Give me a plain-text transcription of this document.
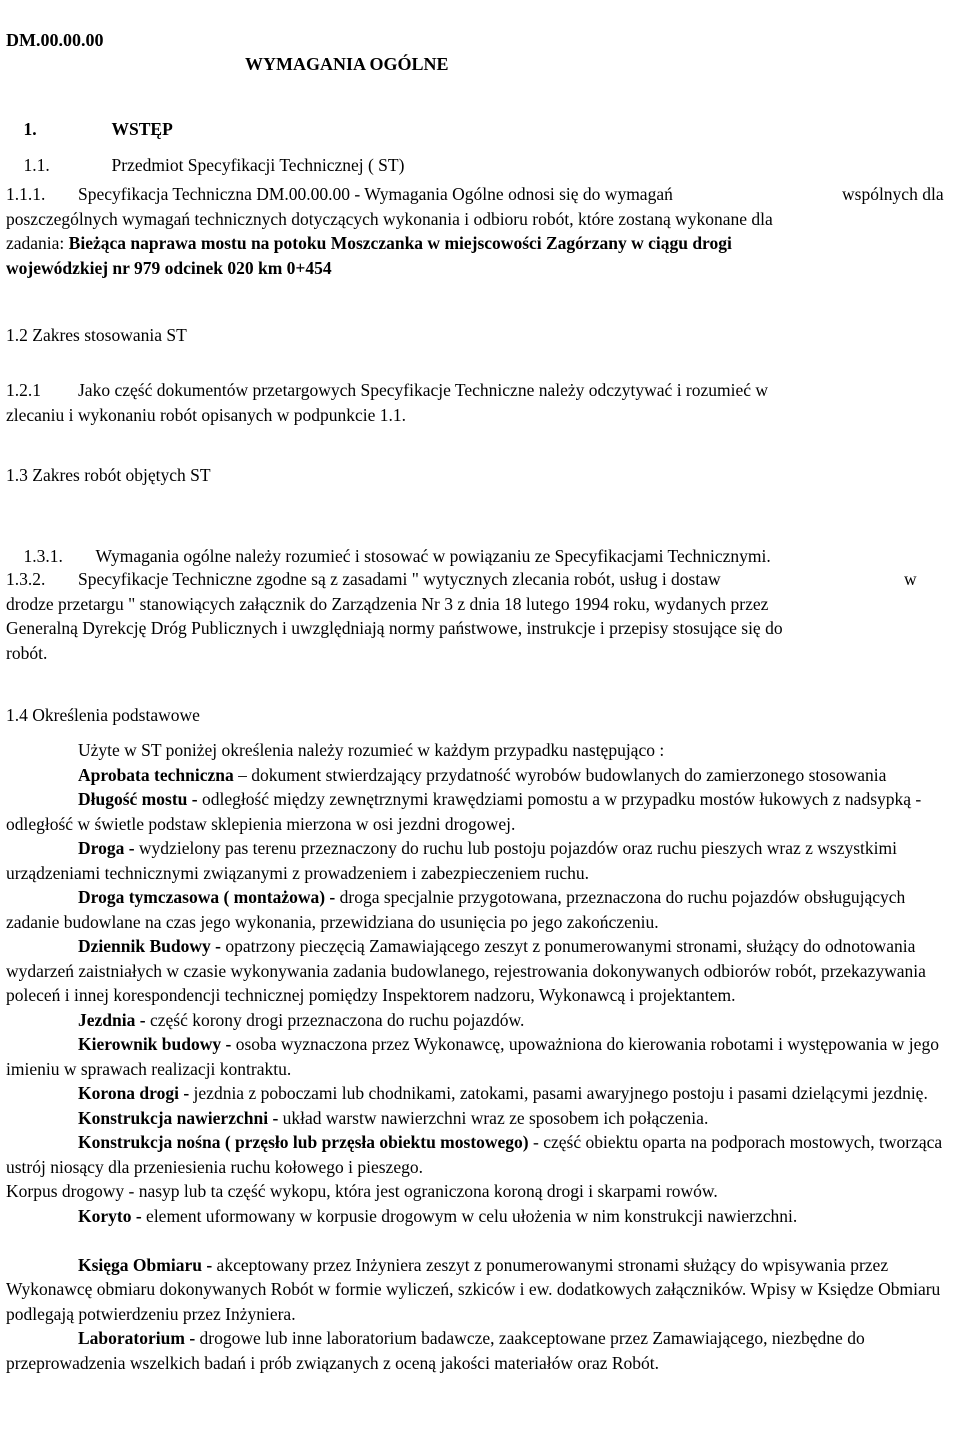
DM.00.00.00

WYMAGANIA OGÓLNE

1.	WSTĘP

1.1.	Przedmiot Specyfikacji Technicznej ( ST)

1.1.1. Specyfikacja Techniczna DM.00.00.00 - Wymagania Ogólne odnosi się do wymagań	wspólnych dla

poszczególnych wymagań technicznych dotyczących wykonania i odbioru robót, które zostaną wykonane dla

zadania: Bieżąca naprawa mostu na potoku Moszczanka w miejscowości Zagórzany w ciągu drogi

wojewódzkiej nr 979 odcinek 020 km 0+454

1.2 Zakres stosowania ST

1.2.1 Jako część dokumentów przetargowych Specyfikacje Techniczne należy odczytywać i rozumieć w

zlecaniu i wykonaniu robót opisanych w podpunkcie 1.1.

1.3 Zakres robót objętych ST

1.3.1. Wymagania ogólne należy rozumieć i stosować w powiązaniu ze Specyfikacjami Technicznymi.

1.3.2. Specyfikacje Techniczne zgodne są z zasadami " wytycznych zlecania robót, usług i dostaw	w

drodze przetargu " stanowiących załącznik do Zarządzenia Nr 3 z dnia 18 lutego 1994 roku, wydanych przez

Generalną Dyrekcję Dróg Publicznych i uwzględniają normy państwowe, instrukcje i przepisy stosujące się do

robót.

1.4 Określenia podstawowe

Użyte w ST poniżej określenia należy rozumieć w każdym przypadku następująco :

Aprobata techniczna – dokument stwierdzający przydatność wyrobów budowlanych do zamierzonego stosowania

Długość mostu - odległość między zewnętrznymi krawędziami pomostu a w przypadku mostów łukowych z nadsypką - odległość w świetle podstaw sklepienia mierzona w osi jezdni drogowej.

Droga - wydzielony pas terenu przeznaczony do ruchu lub postoju pojazdów oraz ruchu pieszych wraz z wszystkimi urządzeniami technicznymi związanymi z prowadzeniem i zabezpieczeniem ruchu.

Droga tymczasowa ( montażowa) - droga specjalnie przygotowana, przeznaczona do ruchu pojazdów obsługujących zadanie budowlane na czas jego wykonania, przewidziana do usunięcia po jego zakończeniu.

Dziennik Budowy - opatrzony pieczęcią Zamawiającego zeszyt z ponumerowanymi stronami, służący do odnotowania wydarzeń zaistniałych w czasie wykonywania zadania budowlanego, rejestrowania dokonywanych odbiorów robót, przekazywania poleceń i innej korespondencji technicznej pomiędzy Inspektorem nadzoru, Wykonawcą i projektantem.

Jezdnia - część korony drogi przeznaczona do ruchu pojazdów.

Kierownik budowy - osoba wyznaczona przez Wykonawcę, upoważniona do kierowania robotami i występowania w jego imieniu w sprawach realizacji kontraktu.

Korona drogi - jezdnia z poboczami lub chodnikami, zatokami, pasami awaryjnego postoju i pasami dzielącymi jezdnię.

Konstrukcja nawierzchni - układ warstw nawierzchni wraz ze sposobem ich połączenia.

Konstrukcja nośna ( przęsło lub przęsła obiektu mostowego) - część obiektu oparta na podporach mostowych, tworząca ustrój niosący dla przeniesienia ruchu kołowego i pieszego.

Korpus drogowy - nasyp lub ta część wykopu, która jest ograniczona koroną drogi i skarpami rowów.

Koryto - element uformowany w korpusie drogowym w celu ułożenia w nim konstrukcji nawierzchni.

Księga Obmiaru - akceptowany przez Inżyniera zeszyt z ponumerowanymi stronami służący do wpisywania przez Wykonawcę obmiaru dokonywanych Robót w formie wyliczeń, szkiców i ew. dodatkowych załączników. Wpisy w Księdze Obmiaru podlegają potwierdzeniu przez Inżyniera.

Laboratorium - drogowe lub inne laboratorium badawcze, zaakceptowane przez Zamawiającego, niezbędne do przeprowadzenia wszelkich badań i prób związanych z oceną jakości materiałów oraz Robót.
